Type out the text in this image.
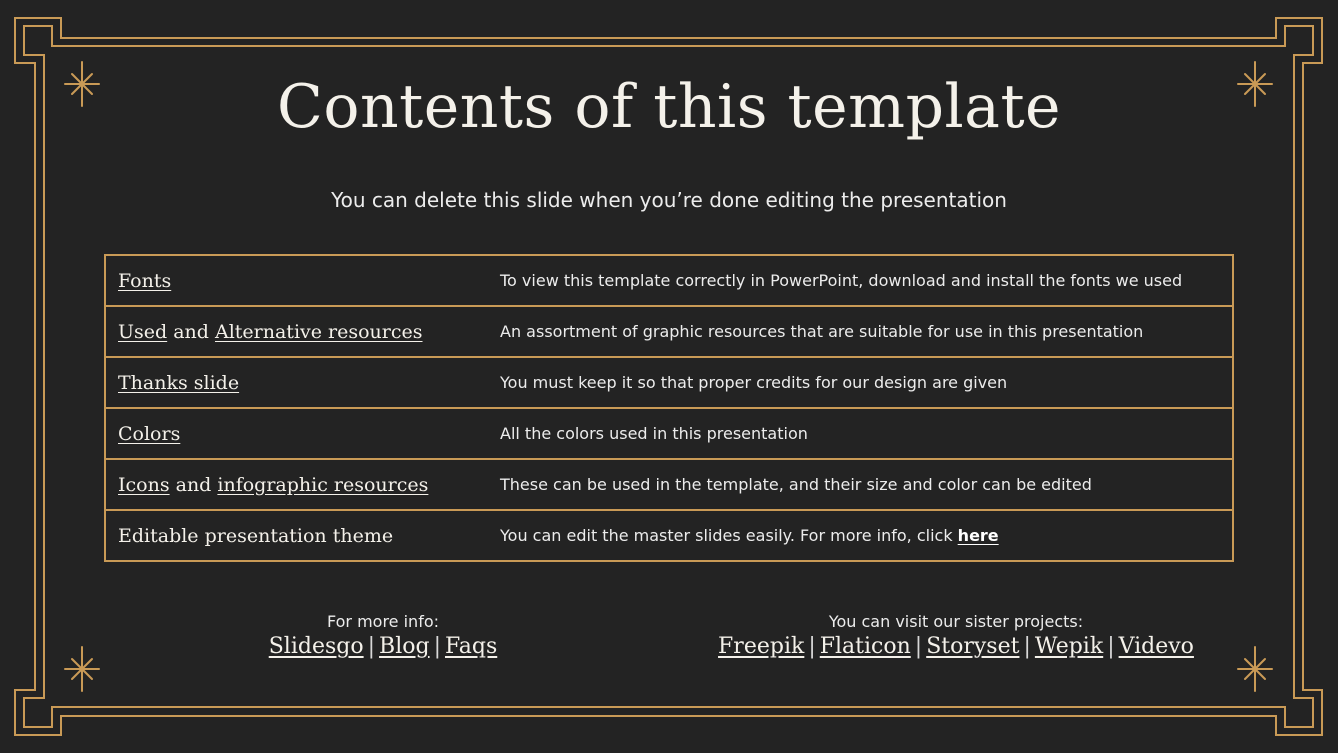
Contents of this template
You can delete this slide when you’re done editing the presentation
Fonts	To view this template correctly in PowerPoint, download and install the fonts we used
Used and Alternative resources	An assortment of graphic resources that are suitable for use in this presentation
Thanks slide	You must keep it so that proper credits for our design are given
Colors	All the colors used in this presentation
Icons and infographic resources	These can be used in the template, and their size and color can be edited
Editable presentation theme	You can edit the master slides easily. For more info, click here
For more info:
Slidesgo | Blog | Faqs
You can visit our sister projects:
Freepik | Flaticon | Storyset | Wepik | Videvo
